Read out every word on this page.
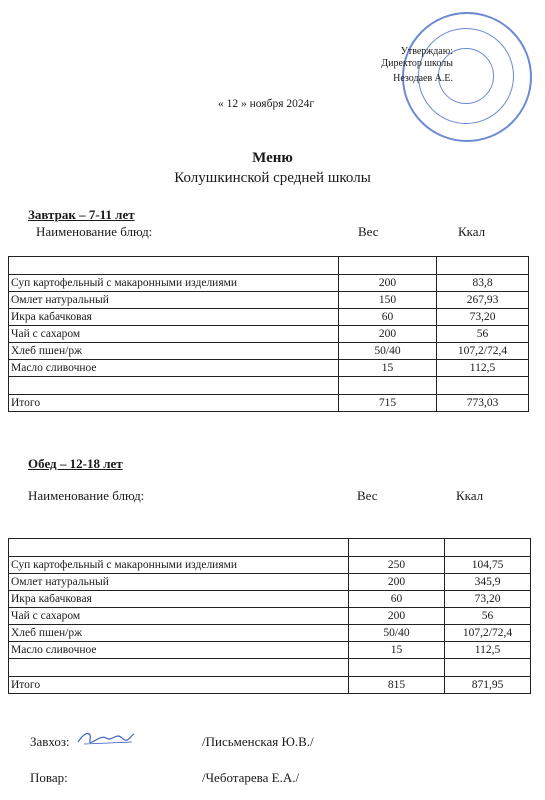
Утверждаю:
Директор школы
Незодаев А.Е.
« 12 » ноября 2024г
Меню
Колушкинской средней школы
Завтрак – 7-11 лет
Наименование блюд:	Вес	Ккал

Суп картофельный с макаронными изделиями	200	83,8
Омлет натуральный	150	267,93
Икра кабачковая	60	73,20
Чай с сахаром	200	56
Хлеб пшен/рж	50/40	107,2/72,4
Масло сливочное	15	112,5

Итого	715	773,03
Обед – 12-18 лет
Наименование блюд:	Вес	Ккал

Суп картофельный с макаронными изделиями	250	104,75
Омлет натуральный	200	345,9
Икра кабачковая	60	73,20
Чай с сахаром	200	56
Хлеб пшен/рж	50/40	107,2/72,4
Масло сливочное	15	112,5

Итого	815	871,95
Завхоз:	/Письменская Ю.В./
Повар:	/Чеботарева Е.А./
